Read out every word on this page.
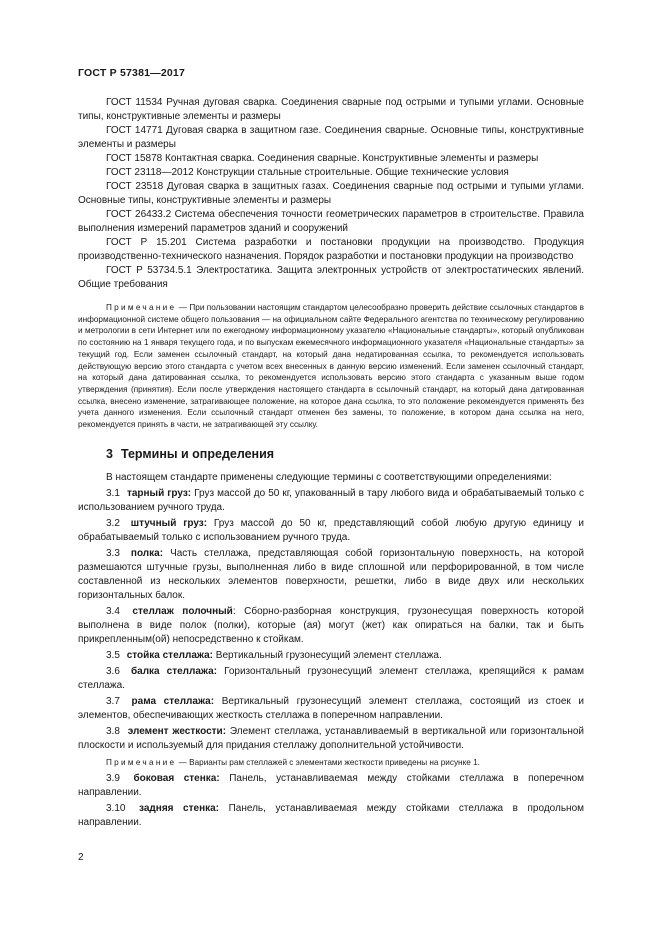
ГОСТ Р 57381—2017

ГОСТ 11534 Ручная дуговая сварка. Соединения сварные под острыми и тупыми углами. Основные типы, конструктивные элементы и размеры

ГОСТ 14771 Дуговая сварка в защитном газе. Соединения сварные. Основные типы, конструктивные элементы и размеры

ГОСТ 15878 Контактная сварка. Соединения сварные. Конструктивные элементы и размеры

ГОСТ 23118—2012 Конструкции стальные строительные. Общие технические условия

ГОСТ 23518 Дуговая сварка в защитных газах. Соединения сварные под острыми и тупыми углами. Основные типы, конструктивные элементы и размеры

ГОСТ 26433.2 Система обеспечения точности геометрических параметров в строительстве. Правила выполнения измерений параметров зданий и сооружений

ГОСТ Р 15.201 Система разработки и постановки продукции на производство. Продукция производственно-технического назначения. Порядок разработки и постановки продукции на производство

ГОСТ Р 53734.5.1 Электростатика. Защита электронных устройств от электростатических явлений. Общие требования

Примечание — При пользовании настоящим стандартом целесообразно проверить действие ссылочных стандартов в информационной системе общего пользования — на официальном сайте Федерального агентства по техническому регулированию и метрологии в сети Интернет или по ежегодному информационному указателю «Национальные стандарты», который опубликован по состоянию на 1 января текущего года, и по выпускам ежемесячного информационного указателя «Национальные стандарты» за текущий год. Если заменен ссылочный стандарт, на который дана недатированная ссылка, то рекомендуется использовать действующую версию этого стандарта с учетом всех внесенных в данную версию изменений. Если заменен ссылочный стандарт, на который дана датированная ссылка, то рекомендуется использовать версию этого стандарта с указанным выше годом утверждения (принятия). Если после утверждения настоящего стандарта в ссылочный стандарт, на который дана датированная ссылка, внесено изменение, затрагивающее положение, на которое дана ссылка, то это положение рекомендуется применять без учета данного изменения. Если ссылочный стандарт отменен без замены, то положение, в котором дана ссылка на него, рекомендуется принять в части, не затрагивающей эту ссылку.

3 Термины и определения

В настоящем стандарте применены следующие термины с соответствующими определениями:

3.1 тарный груз: Груз массой до 50 кг, упакованный в тару любого вида и обрабатываемый только с использованием ручного труда.

3.2 штучный груз: Груз массой до 50 кг, представляющий собой любую другую единицу и обрабатываемый только с использованием ручного труда.

3.3 полка: Часть стеллажа, представляющая собой горизонтальную поверхность, на которой размешаются штучные грузы, выполненная либо в виде сплошной или перфорированной, в том числе составленной из нескольких элементов поверхности, решетки, либо в виде двух или нескольких горизонтальных балок.

3.4 стеллаж полочный: Сборно-разборная конструкция, грузонесущая поверхность которой выполнена в виде полок (полки), которые (ая) могут (жет) как опираться на балки, так и быть прикрепленным(ой) непосредственно к стойкам.

3.5 стойка стеллажа: Вертикальный грузонесущий элемент стеллажа.

3.6 балка стеллажа: Горизонтальный грузонесущий элемент стеллажа, крепящийся к рамам стеллажа.

3.7 рама стеллажа: Вертикальный грузонесущий элемент стеллажа, состоящий из стоек и элементов, обеспечивающих жесткость стеллажа в поперечном направлении.

3.8 элемент жесткости: Элемент стеллажа, устанавливаемый в вертикальной или горизонтальной плоскости и используемый для придания стеллажу дополнительной устойчивости.

Примечание — Варианты рам стеллажей с элементами жесткости приведены на рисунке 1.

3.9 боковая стенка: Панель, устанавливаемая между стойками стеллажа в поперечном направлении.

3.10 задняя стенка: Панель, устанавливаемая между стойками стеллажа в продольном направлении.

2
